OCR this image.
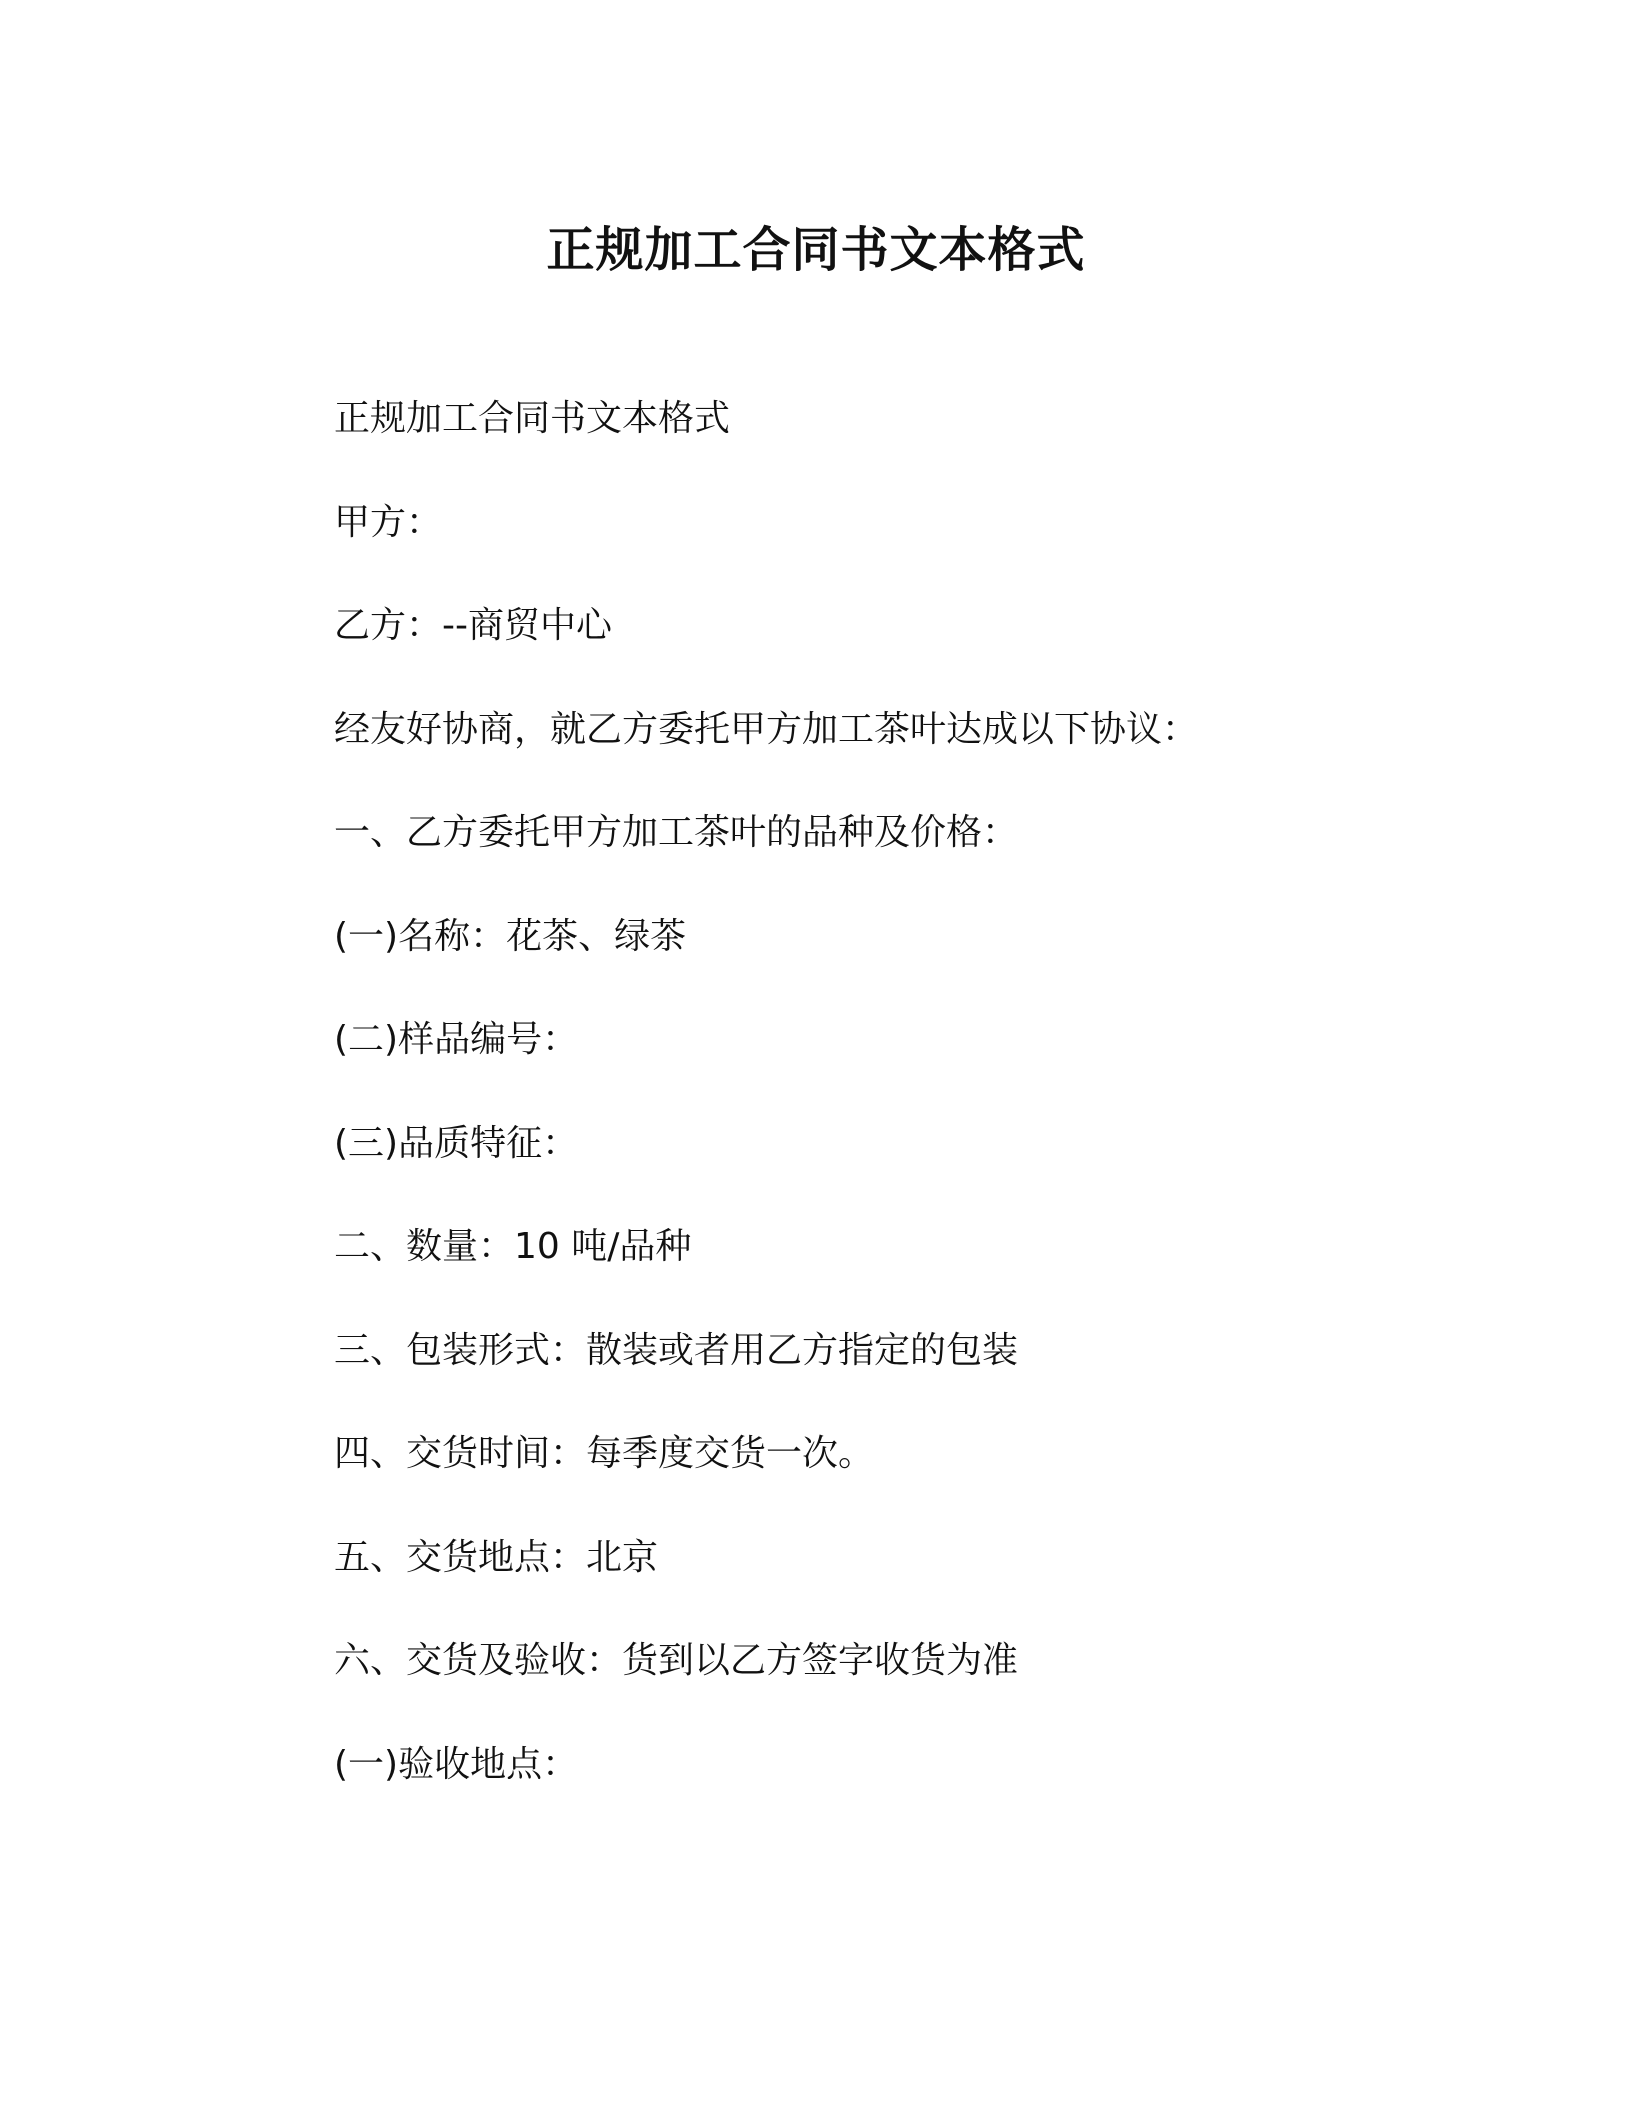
正规加工合同书文本格式
正规加工合同书文本格式
甲方：
乙方：--商贸中心
经友好协商，就乙方委托甲方加工茶叶达成以下协议：
一、乙方委托甲方加工茶叶的品种及价格：
(一)名称：花茶、绿茶
(二)样品编号：
(三)品质特征：
二、数量：10 吨/品种
三、包装形式：散装或者用乙方指定的包装
四、交货时间：每季度交货一次。
五、交货地点：北京
六、交货及验收：货到以乙方签字收货为准
(一)验收地点：
